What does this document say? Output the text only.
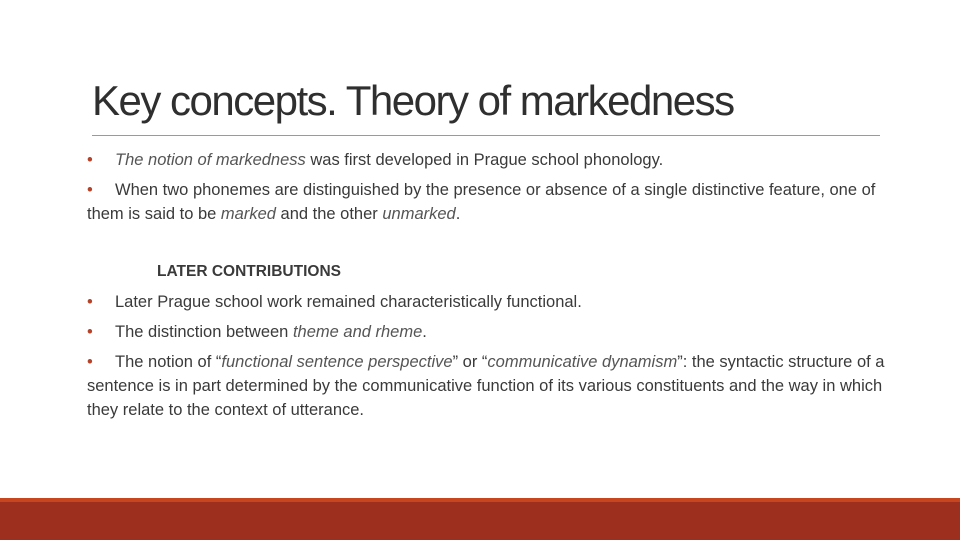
Key concepts. Theory of markedness

• The notion of markedness was first developed in Prague school phonology.

• When two phonemes are distinguished by the presence or absence of a single distinctive feature, one of them is said to be marked and the other unmarked.

LATER CONTRIBUTIONS

• Later Prague school work remained characteristically functional.

• The distinction between theme and rheme.

• The notion of “functional sentence perspective” or “communicative dynamism”: the syntactic structure of a sentence is in part determined by the communicative function of its various constituents and the way in which they relate to the context of utterance.
